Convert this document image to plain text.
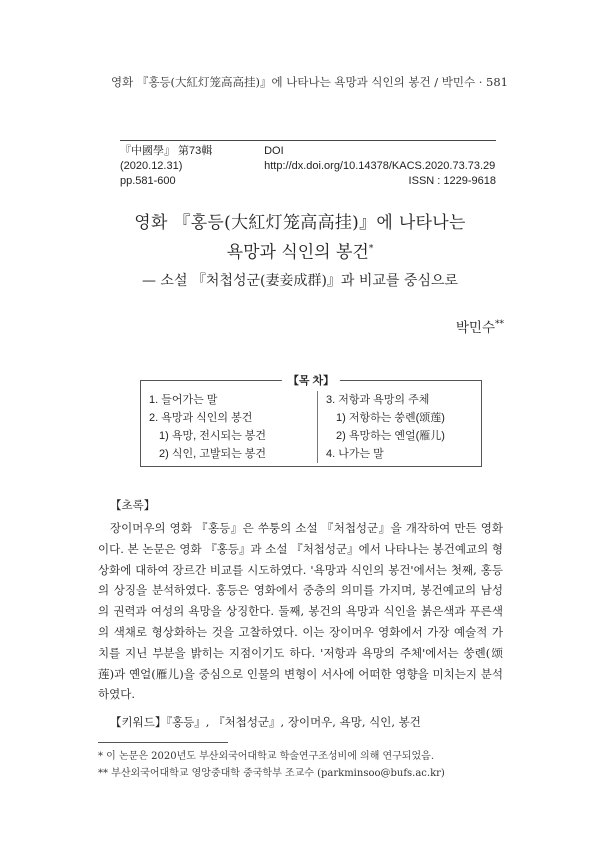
영화 『홍등(大紅灯笼高高挂)』에 나타나는 욕망과 식인의 봉건 / 박민수 · 581
『中國學』 第73輯 (2020.12.31)
DOI http://dx.doi.org/10.14378/KACS.2020.73.73.29
pp.581-600	ISSN : 1229-9618
영화 『홍등(大紅灯笼高高挂)』에 나타나는
욕망과 식인의 봉건*
— 소설 『처첩성군(妻妾成群)』과 비교를 중심으로
박민수**
【목 차】
1. 들어가는 말
2. 욕망과 식인의 봉건
1) 욕망, 전시되는 봉건
2) 식인, 고발되는 봉건
3. 저항과 욕망의 주체
1) 저항하는 쑹롄(颂莲)
2) 욕망하는 옌얼(雁儿)
4. 나가는 말
【초록】
장이머우의 영화 『홍등』은 쑤퉁의 소설 『처첩성군』을 개작하여 만든 영화이다. 본 논문은 영화 『홍등』과 소설 『처첩성군』에서 나타나는 봉건예교의 형상화에 대하여 장르간 비교를 시도하였다. '욕망과 식인의 봉건'에서는 첫째, 홍등의 상징을 분석하였다. 홍등은 영화에서 중층의 의미를 가지며, 봉건예교의 남성의 권력과 여성의 욕망을 상징한다. 둘째, 봉건의 욕망과 식인을 붉은색과 푸른색의 색채로 형상화하는 것을 고찰하였다. 이는 장이머우 영화에서 가장 예술적 가치를 지닌 부분을 밝히는 지점이기도 하다. '저항과 욕망의 주체'에서는 쑹롄(颂莲)과 옌얼(雁儿)을 중심으로 인물의 변형이 서사에 어떠한 영향을 미치는지 분석하였다.
【키워드】『홍등』, 『처첩성군』, 장이머우, 욕망, 식인, 봉건
* 이 논문은 2020년도 부산외국어대학교 학술연구조성비에 의해 연구되었음.
** 부산외국어대학교 영앙중대학 중국학부 조교수 (parkminsoo@bufs.ac.kr)
